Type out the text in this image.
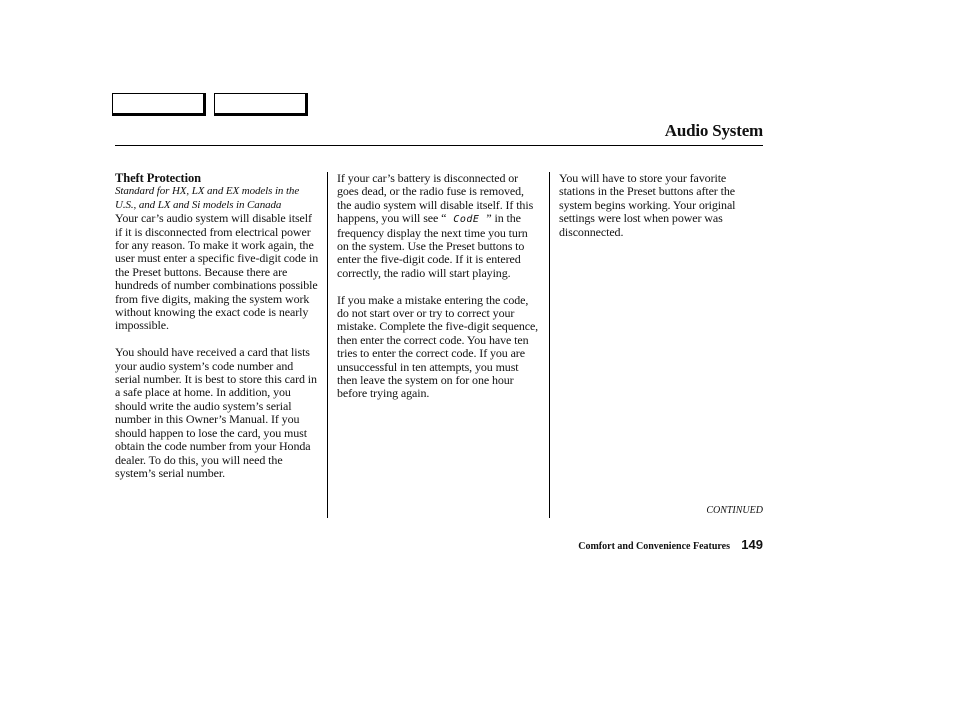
Audio System
Theft Protection
Standard for HX, LX and EX models in the U.S., and LX and Si models in Canada

Your car’s audio system will disable itself if it is disconnected from electrical power for any reason. To make it work again, the user must enter a specific five-digit code in the Preset buttons. Because there are hundreds of number combinations possible from five digits, making the system work without knowing the exact code is nearly impossible.

You should have received a card that lists your audio system’s code number and serial number. It is best to store this card in a safe place at home. In addition, you should write the audio system’s serial number in this Owner’s Manual. If you should happen to lose the card, you must obtain the code number from your Honda dealer. To do this, you will need the system’s serial number.

If your car’s battery is disconnected or goes dead, or the radio fuse is removed, the audio system will disable itself. If this happens, you will see “ CodE ” in the frequency display the next time you turn on the system. Use the Preset buttons to enter the five-digit code. If it is entered correctly, the radio will start playing.

If you make a mistake entering the code, do not start over or try to correct your mistake. Complete the five-digit sequence, then enter the correct code. You have ten tries to enter the correct code. If you are unsuccessful in ten attempts, you must then leave the system on for one hour before trying again.

You will have to store your favorite stations in the Preset buttons after the system begins working. Your original settings were lost when power was disconnected.

CONTINUED
Comfort and Convenience Features 149
